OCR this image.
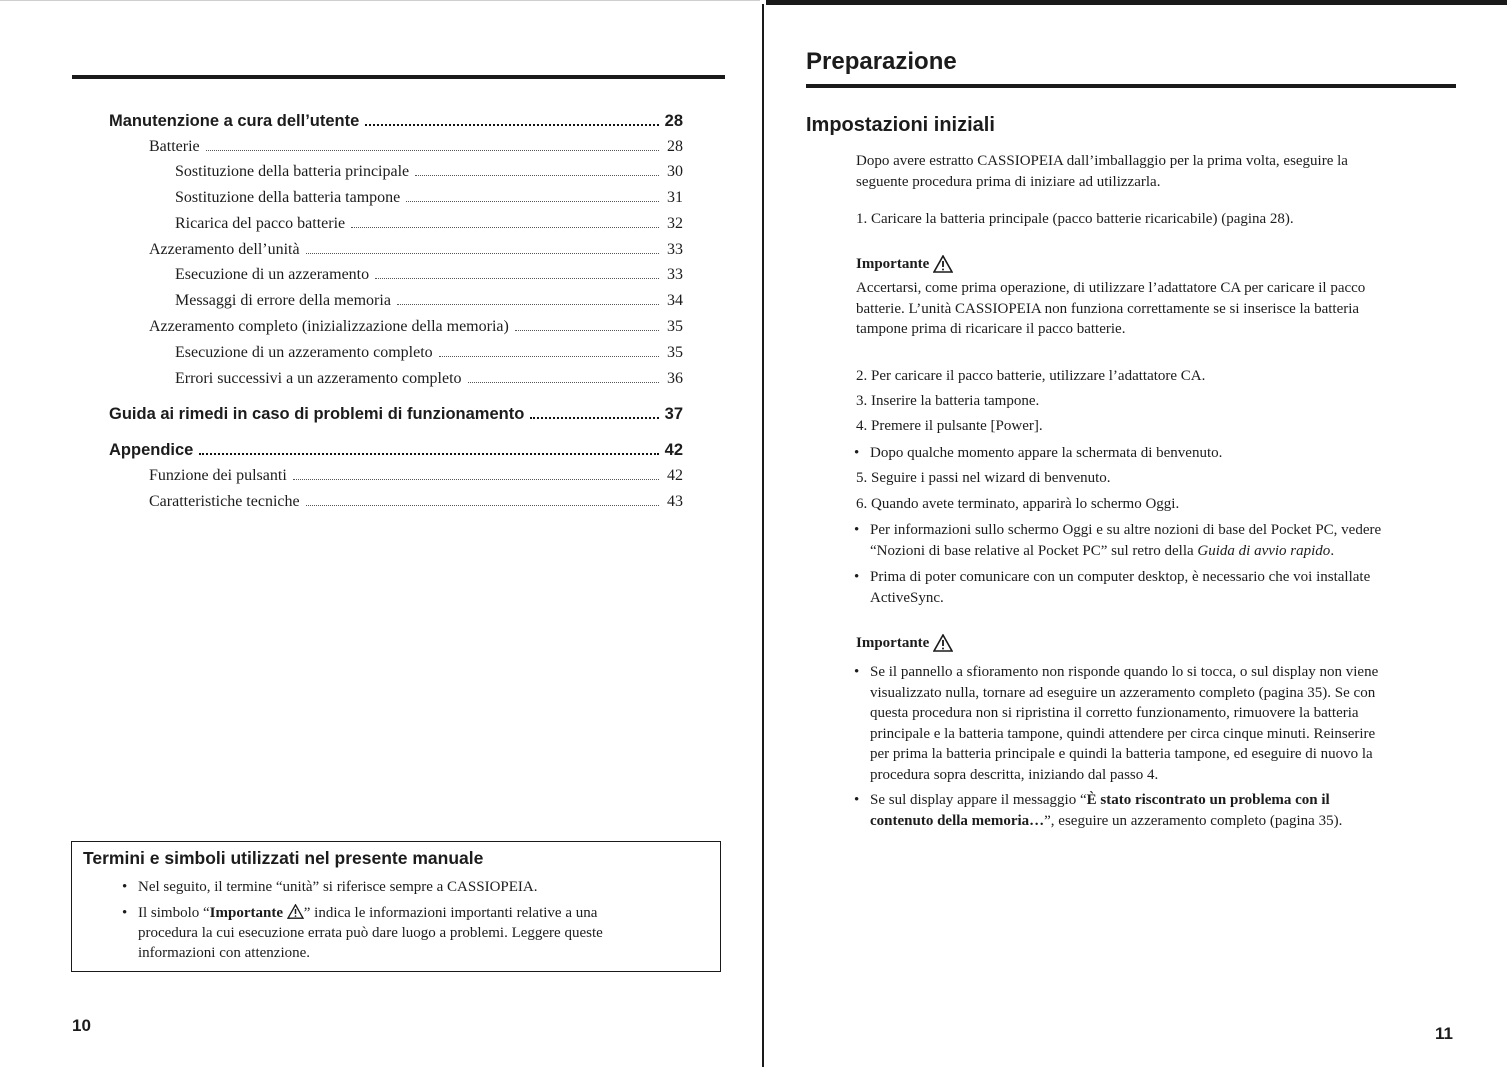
Manutenzione a cura dell’utente	28
Batterie	28
Sostituzione della batteria principale	30
Sostituzione della batteria tampone	31
Ricarica del pacco batterie	32
Azzeramento dell’unità	33
Esecuzione di un azzeramento	33
Messaggi di errore della memoria	34
Azzeramento completo (inizializzazione della memoria)	35
Esecuzione di un azzeramento completo	35
Errori successivi a un azzeramento completo	36
Guida ai rimedi in caso di problemi di funzionamento	37
Appendice	42
Funzione dei pulsanti	42
Caratteristiche tecniche	43
Termini e simboli utilizzati nel presente manuale
• Nel seguito, il termine “unità” si riferisce sempre a CASSIOPEIA.
• Il simbolo “Importante ” indica le informazioni importanti relative a una
procedura la cui esecuzione errata può dare luogo a problemi. Leggere queste
informazioni con attenzione.
10
Preparazione
Impostazioni iniziali
Dopo avere estratto CASSIOPEIA dall’imballaggio per la prima volta, eseguire la
seguente procedura prima di iniziare ad utilizzarla.
1. Caricare la batteria principale (pacco batterie ricaricabile) (pagina 28).
Importante
Accertarsi, come prima operazione, di utilizzare l’adattatore CA per caricare il pacco
batterie. L’unità CASSIOPEIA non funziona correttamente se si inserisce la batteria
tampone prima di ricaricare il pacco batterie.
2. Per caricare il pacco batterie, utilizzare l’adattatore CA.
3. Inserire la batteria tampone.
4. Premere il pulsante [Power].
• Dopo qualche momento appare la schermata di benvenuto.
5. Seguire i passi nel wizard di benvenuto.
6. Quando avete terminato, apparirà lo schermo Oggi.
• Per informazioni sullo schermo Oggi e su altre nozioni di base del Pocket PC, vedere
“Nozioni di base relative al Pocket PC” sul retro della Guida di avvio rapido.
• Prima di poter comunicare con un computer desktop, è necessario che voi installate
ActiveSync.
Importante
• Se il pannello a sfioramento non risponde quando lo si tocca, o sul display non viene
visualizzato nulla, tornare ad eseguire un azzeramento completo (pagina 35). Se con
questa procedura non si ripristina il corretto funzionamento, rimuovere la batteria
principale e la batteria tampone, quindi attendere per circa cinque minuti. Reinserire
per prima la batteria principale e quindi la batteria tampone, ed eseguire di nuovo la
procedura sopra descritta, iniziando dal passo 4.
• Se sul display appare il messaggio “È stato riscontrato un problema con il
contenuto della memoria…”, eseguire un azzeramento completo (pagina 35).
11
